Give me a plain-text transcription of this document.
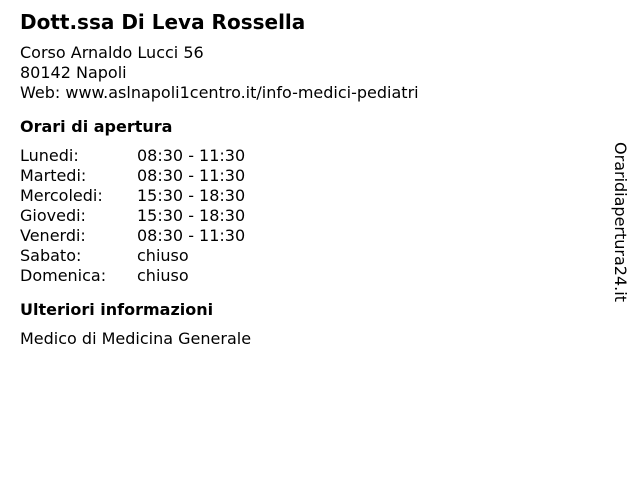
Dott.ssa Di Leva Rossella
Corso Arnaldo Lucci 56
80142 Napoli
Web: www.aslnapoli1centro.it/info-medici-pediatri
Orari di apertura
Lunedi:	08:30 - 11:30
Martedi:	08:30 - 11:30
Mercoledi:	15:30 - 18:30
Giovedi:	15:30 - 18:30
Venerdi:	08:30 - 11:30
Sabato:	chiuso
Domenica:	chiuso
Ulteriori informazioni
Medico di Medicina Generale
Oraridiapertura24.it
